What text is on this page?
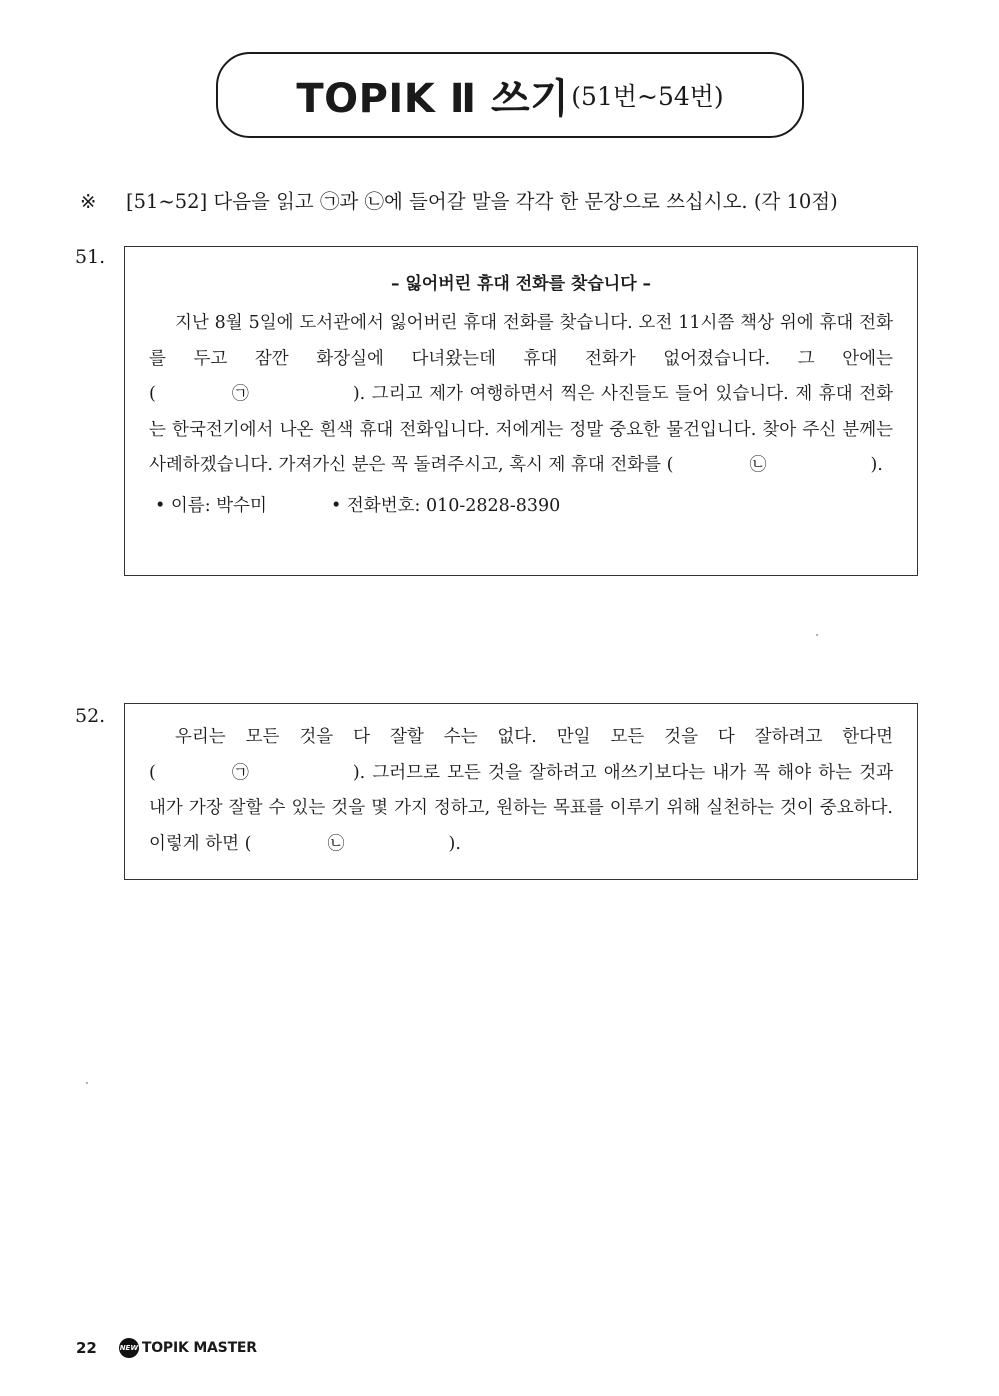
TOPIK Ⅱ 쓰기 (51번~54번)
※ [51~52] 다음을 읽고 ㉠과 ㉡에 들어갈 말을 각각 한 문장으로 쓰십시오. (각 10점)
51.
– 잃어버린 휴대 전화를 찾습니다 –

지난 8월 5일에 도서관에서 잃어버린 휴대 전화를 찾습니다. 오전 11시쯤 책상 위에 휴대 전화를 두고 잠깐 화장실에 다녀왔는데 휴대 전화가 없어졌습니다. 그 안에는 (	㉠	). 그리고 제가 여행하면서 찍은 사진들도 들어 있습니다. 제 휴대 전화는 한국전기에서 나온 흰색 휴대 전화입니다. 저에게는 정말 중요한 물건입니다. 찾아 주신 분께는 사례하겠습니다. 가져가신 분은 꼭 돌려주시고, 혹시 제 휴대 전화를 (	㉡	).

• 이름: 박수미	• 전화번호: 010-2828-8390
52.

우리는 모든 것을 다 잘할 수는 없다. 만일 모든 것을 다 잘하려고 한다면 (	㉠	). 그러므로 모든 것을 잘하려고 애쓰기보다는 내가 꼭 해야 하는 것과 내가 가장 잘할 수 있는 것을 몇 가지 정하고, 원하는 목표를 이루기 위해 실천하는 것이 중요하다. 이렇게 하면 (	㉡	).

22	NEW TOPIK MASTER
